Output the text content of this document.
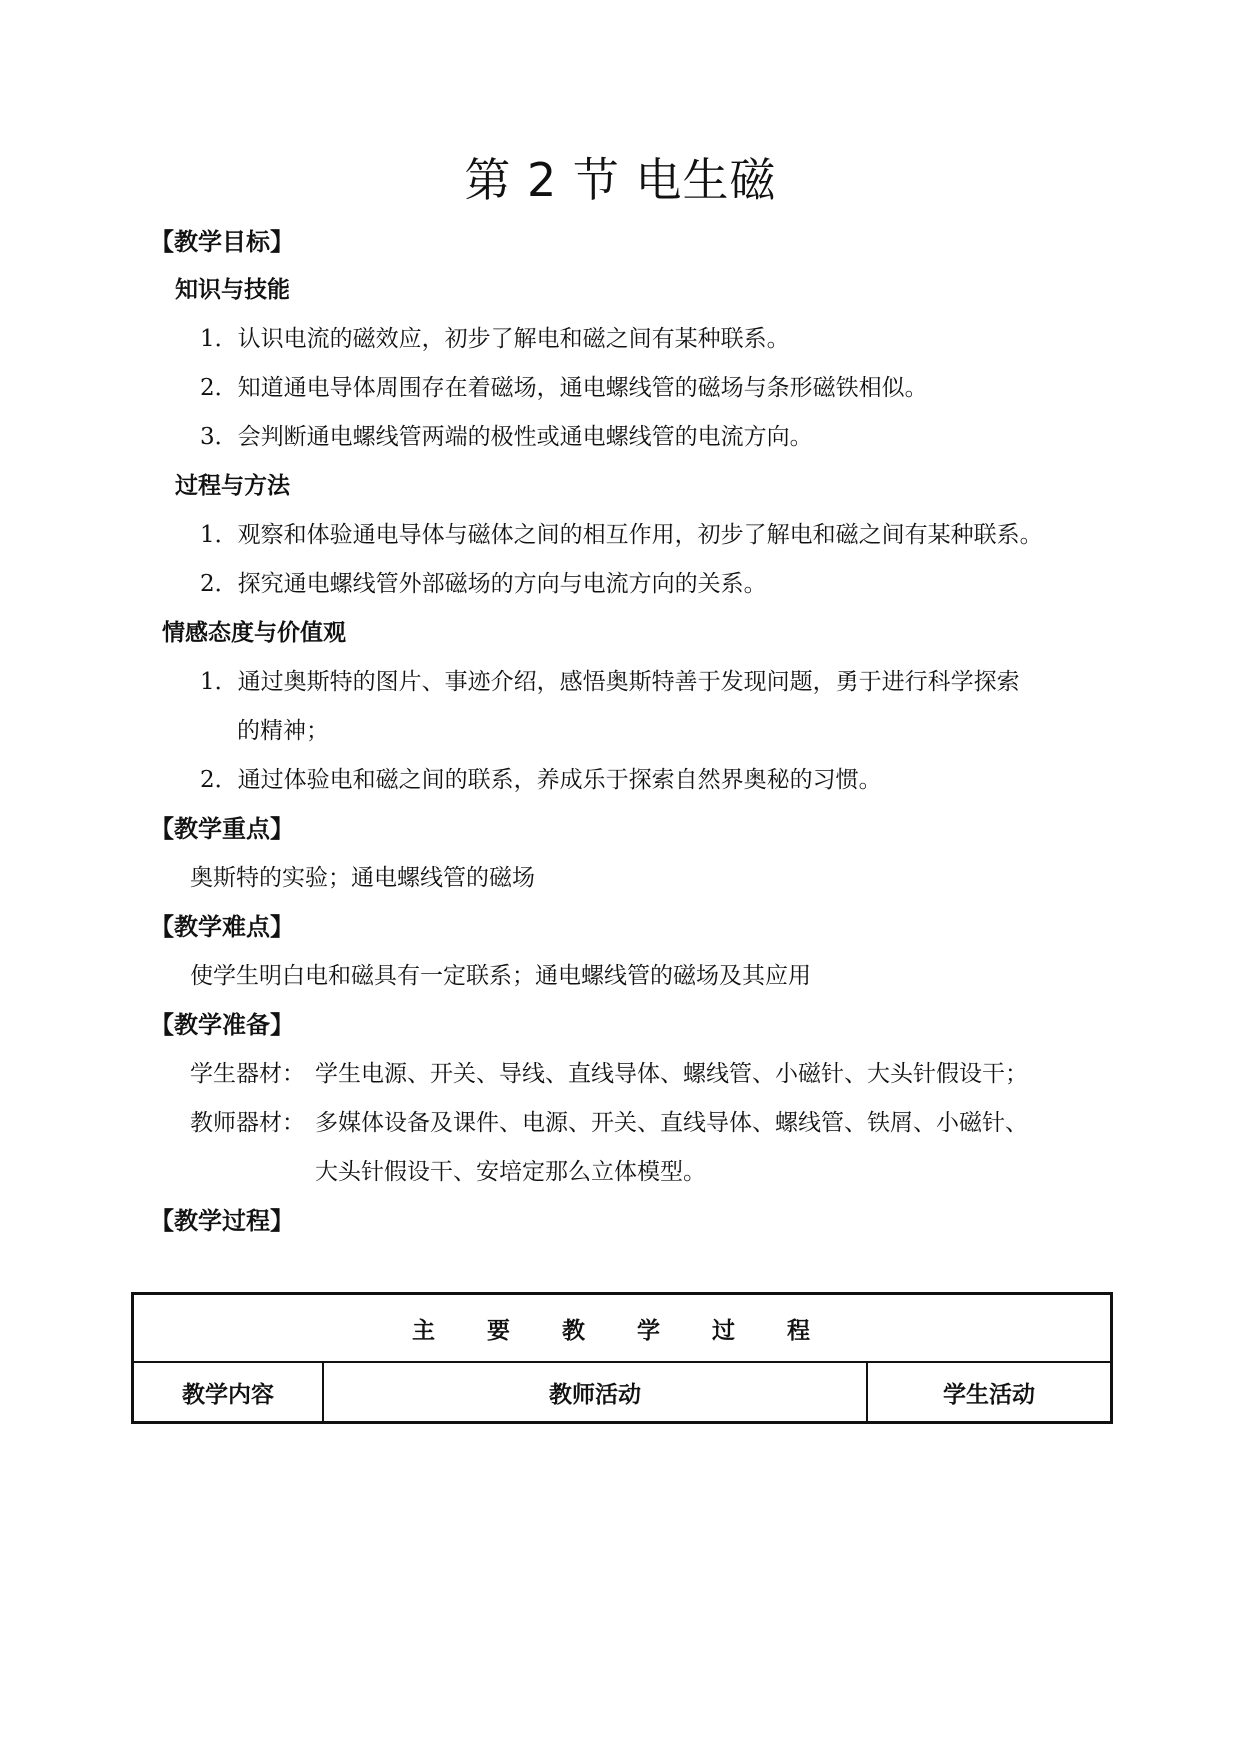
第 2 节 电生磁
【教学目标】
知识与技能
1．认识电流的磁效应，初步了解电和磁之间有某种联系。
2．知道通电导体周围存在着磁场，通电螺线管的磁场与条形磁铁相似。
3．会判断通电螺线管两端的极性或通电螺线管的电流方向。
过程与方法
1．观察和体验通电导体与磁体之间的相互作用，初步了解电和磁之间有某种联系。
2．探究通电螺线管外部磁场的方向与电流方向的关系。
情感态度与价值观
1．通过奥斯特的图片、事迹介绍，感悟奥斯特善于发现问题，勇于进行科学探索
的精神；
2．通过体验电和磁之间的联系，养成乐于探索自然界奥秘的习惯。
【教学重点】
奥斯特的实验；通电螺线管的磁场
【教学难点】
使学生明白电和磁具有一定联系；通电螺线管的磁场及其应用
【教学准备】
学生器材： 学生电源、开关、导线、直线导体、螺线管、小磁针、大头针假设干；
教师器材： 多媒体设备及课件、电源、开关、直线导体、螺线管、铁屑、小磁针、
大头针假设干、安培定那么立体模型。
【教学过程】
主 要 教 学 过 程
教学内容	教师活动	学生活动
